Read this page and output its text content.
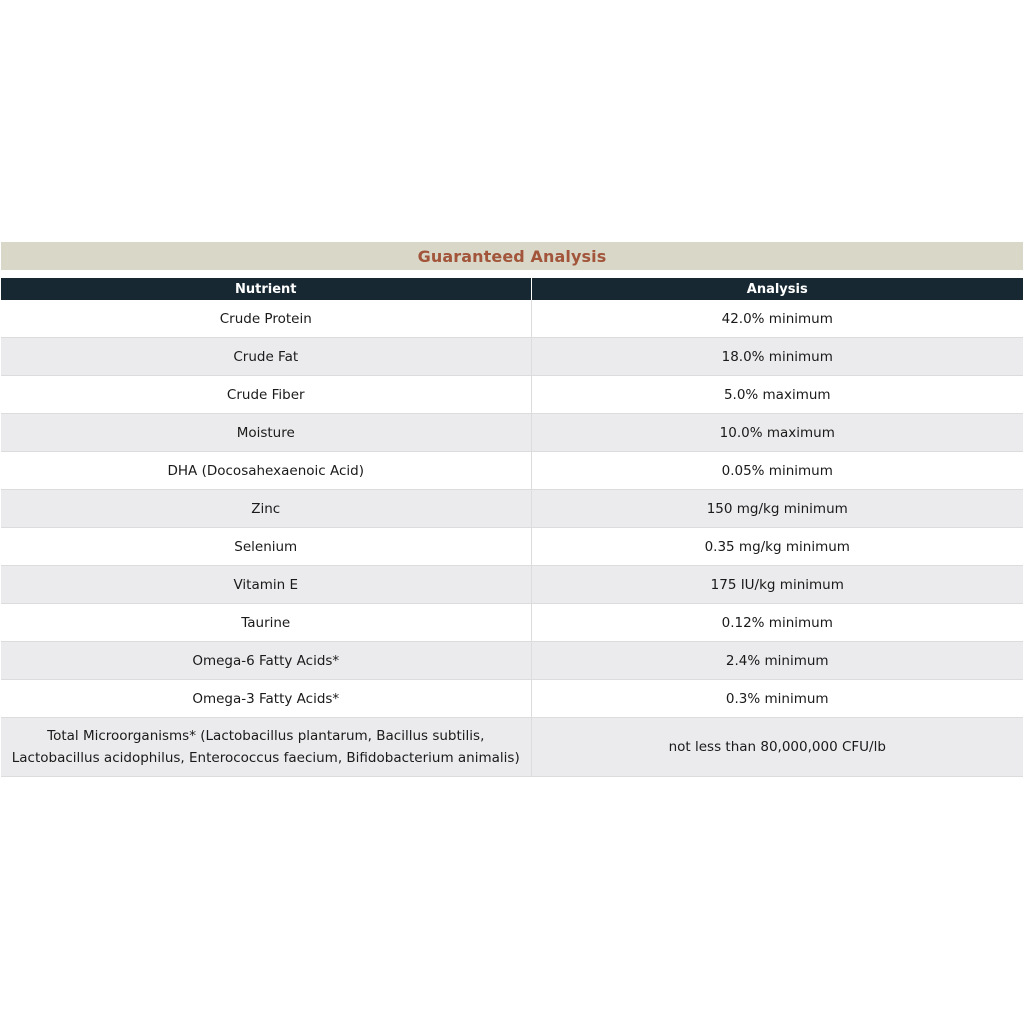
Guaranteed Analysis
Nutrient	Analysis
Crude Protein	42.0% minimum
Crude Fat	18.0% minimum
Crude Fiber	5.0% maximum
Moisture	10.0% maximum
DHA (Docosahexaenoic Acid)	0.05% minimum
Zinc	150 mg/kg minimum
Selenium	0.35 mg/kg minimum
Vitamin E	175 IU/kg minimum
Taurine	0.12% minimum
Omega-6 Fatty Acids*	2.4% minimum
Omega-3 Fatty Acids*	0.3% minimum
Total Microorganisms* (Lactobacillus plantarum, Bacillus subtilis,
Lactobacillus acidophilus, Enterococcus faecium, Bifidobacterium animalis)	not less than 80,000,000 CFU/lb
